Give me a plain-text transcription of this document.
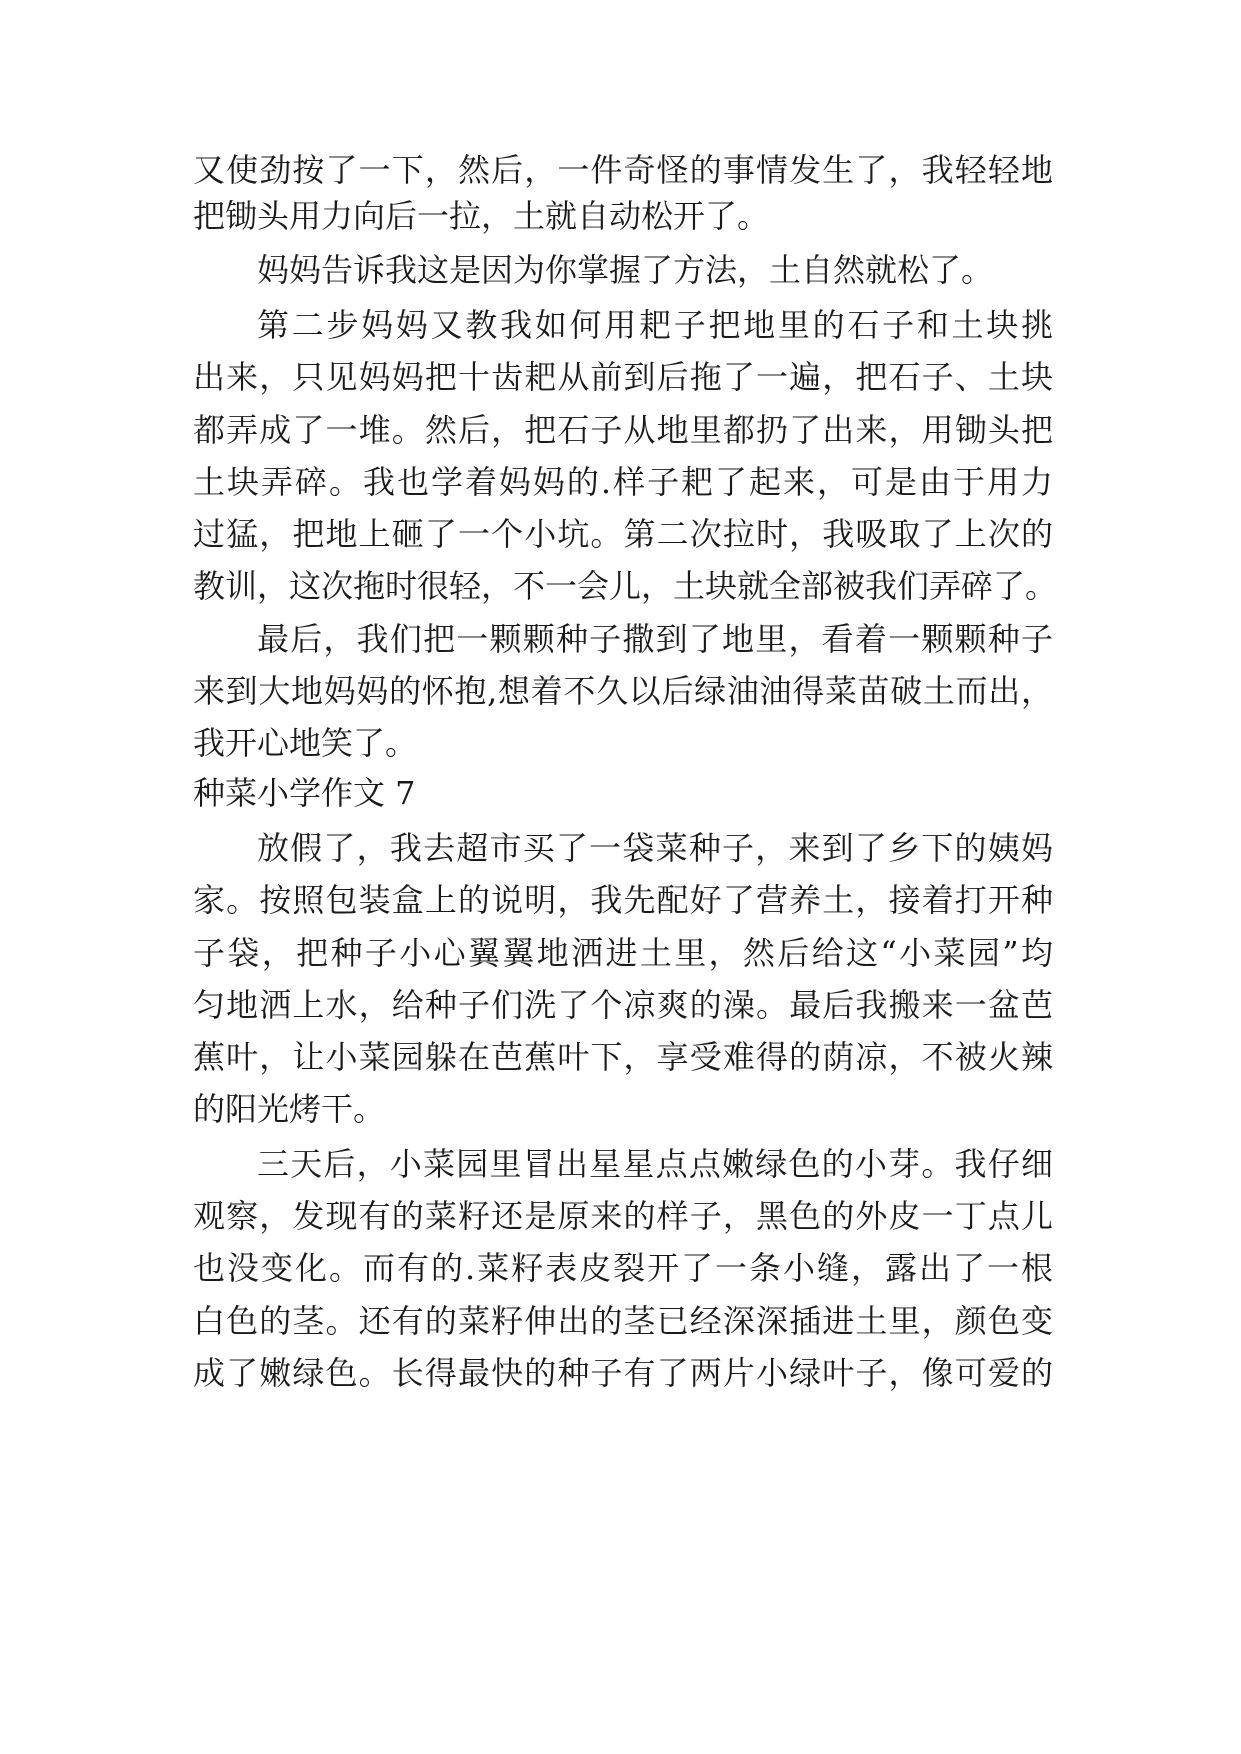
又使劲按了一下，然后，一件奇怪的事情发生了，我轻轻地
把锄头用力向后一拉，土就自动松开了。
妈妈告诉我这是因为你掌握了方法，土自然就松了。
第二步妈妈又教我如何用耙子把地里的石子和土块挑
出来，只见妈妈把十齿耙从前到后拖了一遍，把石子、土块
都弄成了一堆。然后，把石子从地里都扔了出来，用锄头把
土块弄碎。我也学着妈妈的.样子耙了起来，可是由于用力
过猛，把地上砸了一个小坑。第二次拉时，我吸取了上次的
教训，这次拖时很轻，不一会儿，土块就全部被我们弄碎了。
最后，我们把一颗颗种子撒到了地里，看着一颗颗种子
来到大地妈妈的怀抱,想着不久以后绿油油得菜苗破土而出，
我开心地笑了。
种菜小学作文 7
放假了，我去超市买了一袋菜种子，来到了乡下的姨妈
家。按照包装盒上的说明，我先配好了营养土，接着打开种
子袋，把种子小心翼翼地洒进土里，然后给这“小菜园”均
匀地洒上水，给种子们洗了个凉爽的澡。最后我搬来一盆芭
蕉叶，让小菜园躲在芭蕉叶下，享受难得的荫凉，不被火辣
的阳光烤干。
三天后，小菜园里冒出星星点点嫩绿色的小芽。我仔细
观察，发现有的菜籽还是原来的样子，黑色的外皮一丁点儿
也没变化。而有的.菜籽表皮裂开了一条小缝，露出了一根
白色的茎。还有的菜籽伸出的茎已经深深插进土里，颜色变
成了嫩绿色。长得最快的种子有了两片小绿叶子，像可爱的
